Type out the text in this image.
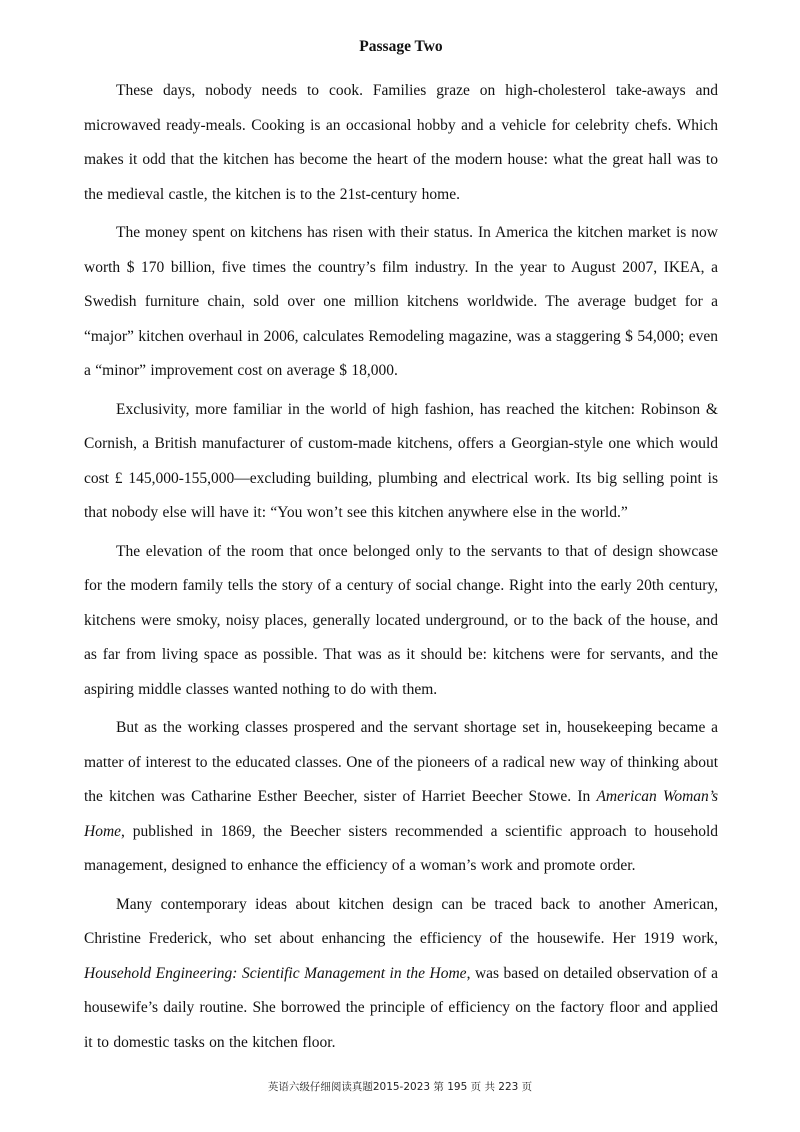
Passage Two

These days, nobody needs to cook. Families graze on high-cholesterol take-aways and microwaved ready-meals. Cooking is an occasional hobby and a vehicle for celebrity chefs. Which makes it odd that the kitchen has become the heart of the modern house: what the great hall was to the medieval castle, the kitchen is to the 21st-century home.

The money spent on kitchens has risen with their status. In America the kitchen market is now worth $ 170 billion, five times the country’s film industry. In the year to August 2007, IKEA, a Swedish furniture chain, sold over one million kitchens worldwide. The average budget for a “major” kitchen overhaul in 2006, calculates Remodeling magazine, was a staggering $ 54,000; even a “minor” improvement cost on average $ 18,000.

Exclusivity, more familiar in the world of high fashion, has reached the kitchen: Robinson & Cornish, a British manufacturer of custom-made kitchens, offers a Georgian-style one which would cost £ 145,000-155,000—excluding building, plumbing and electrical work. Its big selling point is that nobody else will have it: “You won’t see this kitchen anywhere else in the world.”

The elevation of the room that once belonged only to the servants to that of design showcase for the modern family tells the story of a century of social change. Right into the early 20th century, kitchens were smoky, noisy places, generally located underground, or to the back of the house, and as far from living space as possible. That was as it should be: kitchens were for servants, and the aspiring middle classes wanted nothing to do with them.

But as the working classes prospered and the servant shortage set in, housekeeping became a matter of interest to the educated classes. One of the pioneers of a radical new way of thinking about the kitchen was Catharine Esther Beecher, sister of Harriet Beecher Stowe. In American Woman’s Home, published in 1869, the Beecher sisters recommended a scientific approach to household management, designed to enhance the efficiency of a woman’s work and promote order.

Many contemporary ideas about kitchen design can be traced back to another American, Christine Frederick, who set about enhancing the efficiency of the housewife. Her 1919 work, Household Engineering: Scientific Management in the Home, was based on detailed observation of a housewife’s daily routine. She borrowed the principle of efficiency on the factory floor and applied it to domestic tasks on the kitchen floor.

英语六级仔细阅读真题2015-2023 第 195 页 共 223 页
